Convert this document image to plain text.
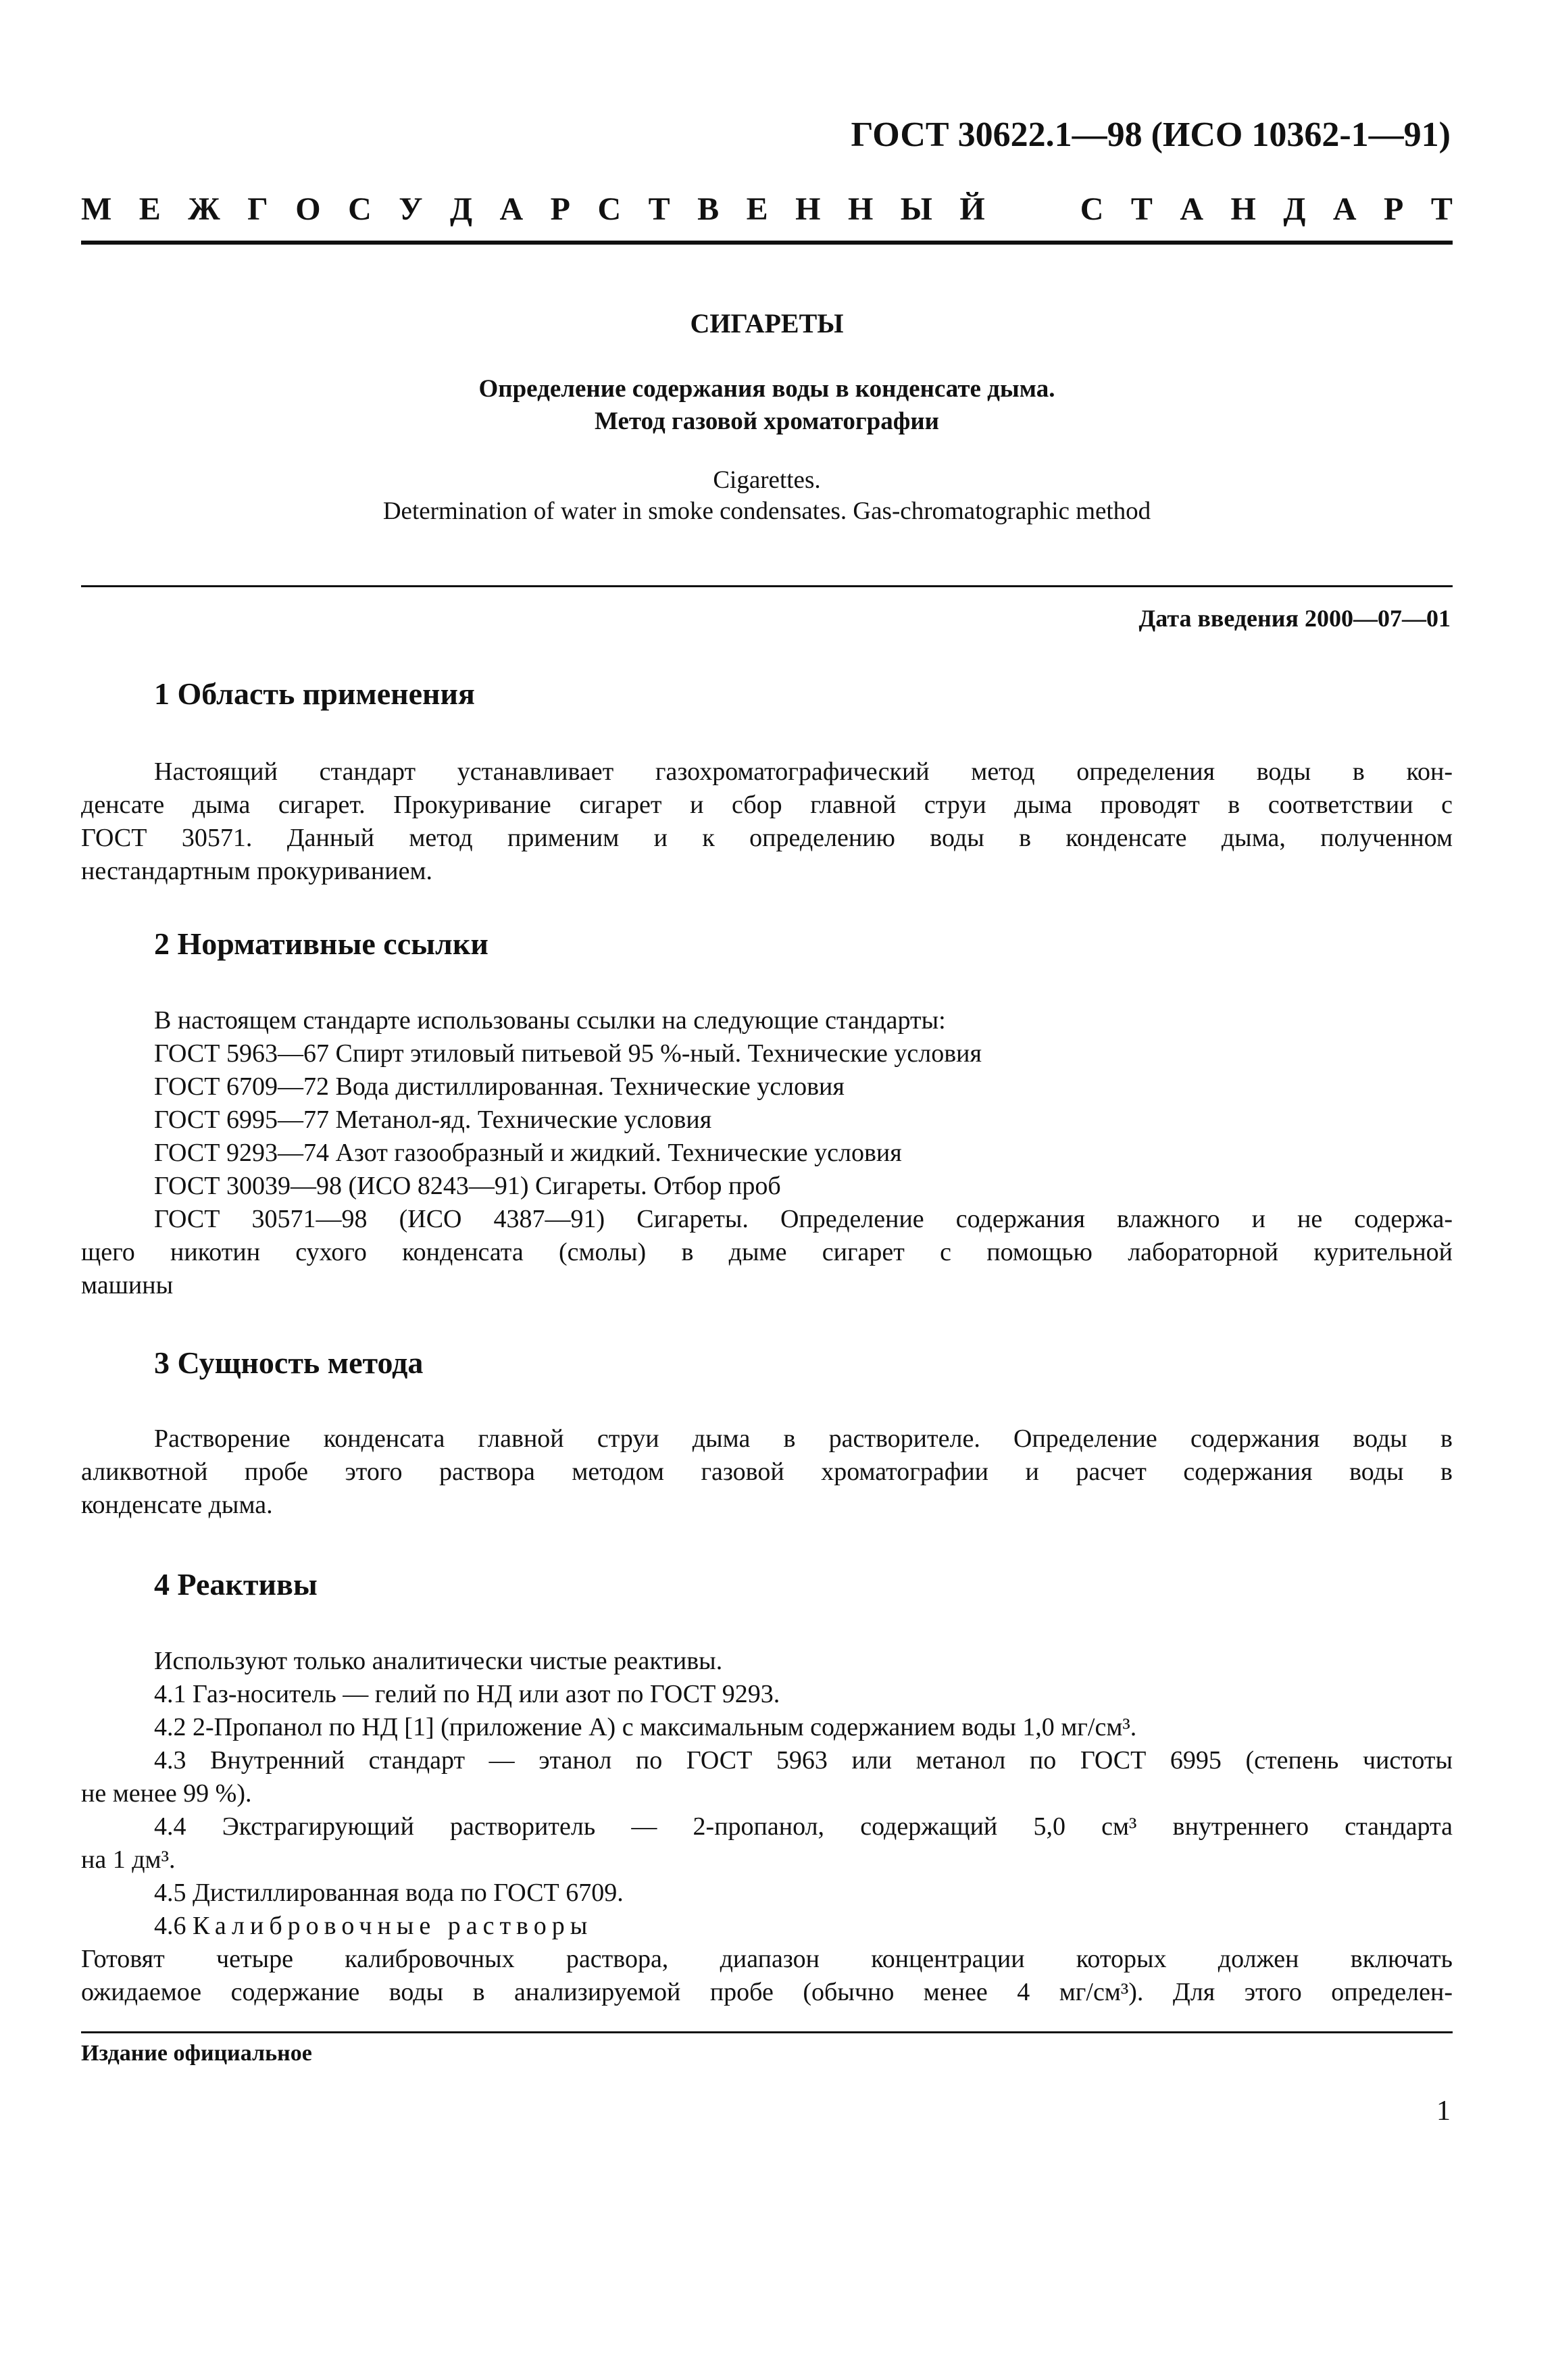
ГОСТ 30622.1—98 (ИСО 10362-1—91)
М Е Ж Г О С У Д А Р С Т В Е Н Н Ы Й	С Т А Н Д А Р Т
СИГАРЕТЫ
Определение содержания воды в конденсате дыма.
Метод газовой хроматографии
Cigarettes.
Determination of water in smoke condensates. Gas-chromatographic method
Дата введения 2000—07—01
1 Область применения
Настоящий стандарт устанавливает газохроматографический метод определения воды в кон-
денсате дыма сигарет. Прокуривание сигарет и сбор главной струи дыма проводят в соответствии с
ГОСТ 30571. Данный метод применим и к определению воды в конденсате дыма, полученном
нестандартным прокуриванием.
2 Нормативные ссылки
В настоящем стандарте использованы ссылки на следующие стандарты:
ГОСТ 5963—67 Спирт этиловый питьевой 95 %-ный. Технические условия
ГОСТ 6709—72 Вода дистиллированная. Технические условия
ГОСТ 6995—77 Метанол-яд. Технические условия
ГОСТ 9293—74 Азот газообразный и жидкий. Технические условия
ГОСТ 30039—98 (ИСО 8243—91) Сигареты. Отбор проб
ГОСТ 30571—98 (ИСО 4387—91) Сигареты. Определение содержания влажного и не содержа-
щего никотин сухого конденсата (смолы) в дыме сигарет с помощью лабораторной курительной
машины
3 Сущность метода
Растворение конденсата главной струи дыма в растворителе. Определение содержания воды в
аликвотной пробе этого раствора методом газовой хроматографии и расчет содержания воды в
конденсате дыма.
4 Реактивы
Используют только аналитически чистые реактивы.
4.1 Газ-носитель — гелий по НД или азот по ГОСТ 9293.
4.2 2-Пропанол по НД [1] (приложение А) с максимальным содержанием воды 1,0 мг/см³.
4.3 Внутренний стандарт — этанол по ГОСТ 5963 или метанол по ГОСТ 6995 (степень чистоты
не менее 99 %).
4.4 Экстрагирующий растворитель — 2-пропанол, содержащий 5,0 см³ внутреннего стандарта
на 1 дм³.
4.5 Дистиллированная вода по ГОСТ 6709.
4.6 Калибровочные растворы
Готовят четыре калибровочных раствора, диапазон концентрации которых должен включать
ожидаемое содержание воды в анализируемой пробе (обычно менее 4 мг/см³). Для этого определен-
Издание официальное
1
